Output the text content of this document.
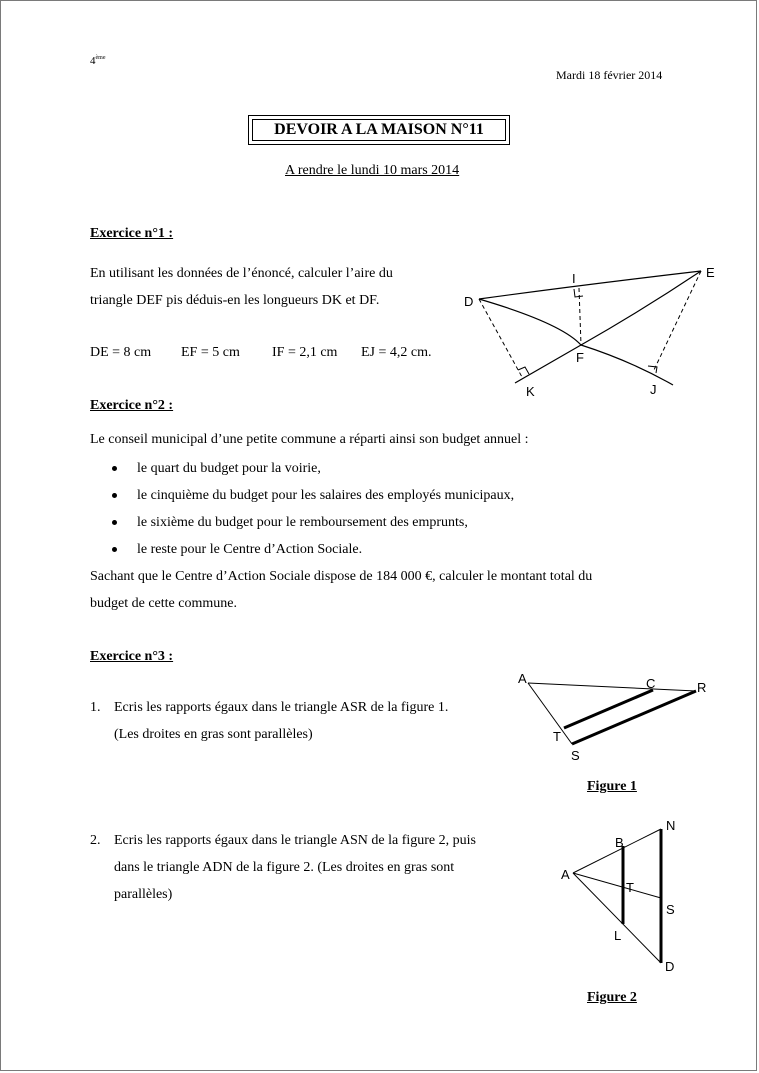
4ème
Mardi 18 février 2014
DEVOIR A LA MAISON N°11
A rendre le lundi 10 mars 2014
Exercice n°1 :
En utilisant les données de l’énoncé, calculer l’aire du
triangle DEF pis déduis-en les longueurs DK et DF.
DE = 8 cm EF = 5 cm IF = 2,1 cm EJ = 4,2 cm.
D
E
I
F
K	J
Exercice n°2 :
Le conseil municipal d’une petite commune a réparti ainsi son budget annuel :
le quart du budget pour la voirie,
le cinquième du budget pour les salaires des employés municipaux,
le sixième du budget pour le remboursement des emprunts,
le reste pour le Centre d’Action Sociale.
Sachant que le Centre d’Action Sociale dispose de 184 000 €, calculer le montant total du
budget de cette commune.
Exercice n°3 :
1. Ecris les rapports égaux dans le triangle ASR de la figure 1.
(Les droites en gras sont parallèles)
A	C	R
T
S
Figure 1
2. Ecris les rapports égaux dans le triangle ASN de la figure 2, puis
dans le triangle ADN de la figure 2. (Les droites en gras sont
parallèles)
B
N
A
T
S
L
D
Figure 2
